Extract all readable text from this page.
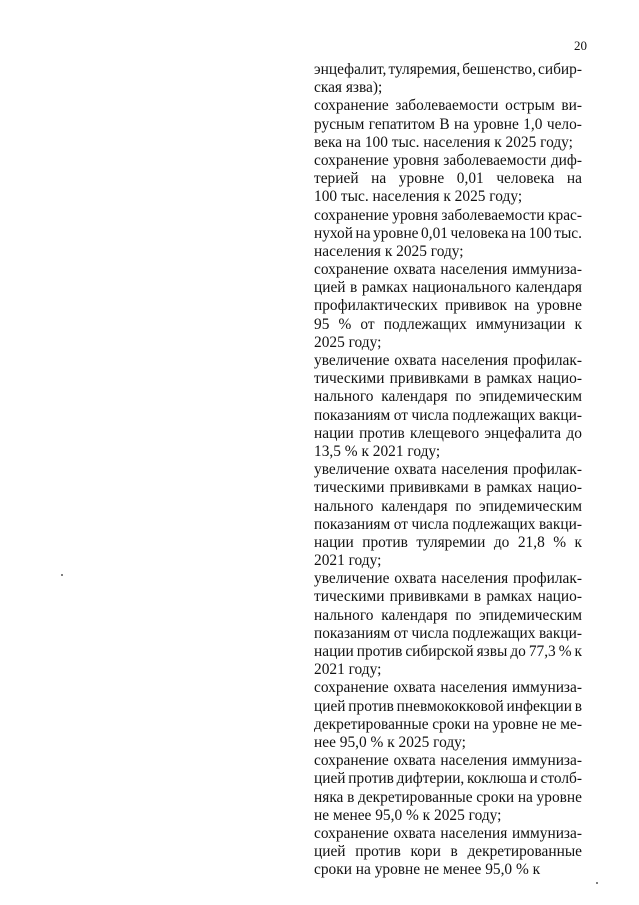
20
энцефалит, туляремия, бешенство, сибир-
ская язва);
сохранение заболеваемости острым ви-
русным гепатитом В на уровне 1,0 чело-
века на 100 тыс. населения к 2025 году;
сохранение уровня заболеваемости диф-
терией на уровне 0,01 человека на
100 тыс. населения к 2025 году;
сохранение уровня заболеваемости крас-
нухой на уровне 0,01 человека на 100 тыс.
населения к 2025 году;
сохранение охвата населения иммуниза-
цией в рамках национального календаря
профилактических прививок на уровне
95 % от подлежащих иммунизации к
2025 году;
увеличение охвата населения профилак-
тическими прививками в рамках нацио-
нального календаря по эпидемическим
показаниям от числа подлежащих вакци-
нации против клещевого энцефалита до
13,5 % к 2021 году;
увеличение охвата населения профилак-
тическими прививками в рамках нацио-
нального календаря по эпидемическим
показаниям от числа подлежащих вакци-
нации против туляремии до 21,8 % к
2021 году;
увеличение охвата населения профилак-
тическими прививками в рамках нацио-
нального календаря по эпидемическим
показаниям от числа подлежащих вакци-
нации против сибирской язвы до 77,3 % к
2021 году;
сохранение охвата населения иммуниза-
цией против пневмококковой инфекции в
декретированные сроки на уровне не ме-
нее 95,0 % к 2025 году;
сохранение охвата населения иммуниза-
цией против дифтерии, коклюша и столб-
няка в декретированные сроки на уровне
не менее 95,0 % к 2025 году;
сохранение охвата населения иммуниза-
цией против кори в декретированные
сроки на уровне не менее 95,0 % к
